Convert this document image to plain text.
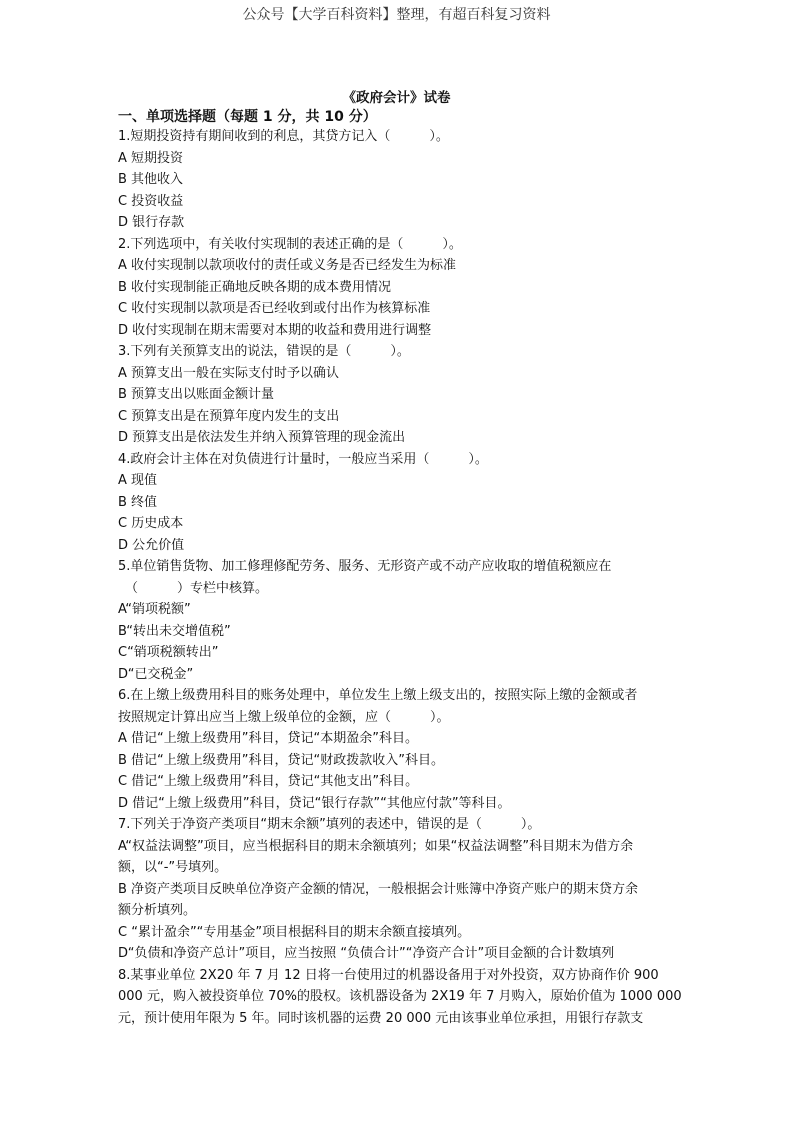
公众号【大学百科资料】整理，有超百科复习资料
《政府会计》试卷
一、单项选择题（每题 1 分，共 10 分）
1.短期投资持有期间收到的利息，其贷方记入（　　　）。
A 短期投资
B 其他收入
C 投资收益
D 银行存款
2.下列选项中，有关收付实现制的表述正确的是（　　　）。
A 收付实现制以款项收付的责任或义务是否已经发生为标准
B 收付实现制能正确地反映各期的成本费用情况
C 收付实现制以款项是否已经收到或付出作为核算标准
D 收付实现制在期末需要对本期的收益和费用进行调整
3.下列有关预算支出的说法，错误的是（　　　）。
A 预算支出一般在实际支付时予以确认
B 预算支出以账面金额计量
C 预算支出是在预算年度内发生的支出
D 预算支出是依法发生并纳入预算管理的现金流出
4.政府会计主体在对负债进行计量时，一般应当采用（　　　）。
A 现值
B 终值
C 历史成本
D 公允价值
5.单位销售货物、加工修理修配劳务、服务、无形资产或不动产应收取的增值税额应在
（　　　）专栏中核算。
A“销项税额”
B“转出未交增值税”
C“销项税额转出”
D“已交税金”
6.在上缴上级费用科目的账务处理中，单位发生上缴上级支出的，按照实际上缴的金额或者
按照规定计算出应当上缴上级单位的金额，应（　　　）。
A 借记“上缴上级费用”科目，贷记“本期盈余”科目。
B 借记“上缴上级费用”科目，贷记“财政拨款收入”科目。
C 借记“上缴上级费用”科目，贷记“其他支出”科目。
D 借记“上缴上级费用”科目，贷记“银行存款”“其他应付款”等科目。
7.下列关于净资产类项目“期末余额”填列的表述中，错误的是（　　　）。
A“权益法调整”项目，应当根据科目的期末余额填列；如果“权益法调整”科目期末为借方余
额，以“-”号填列。
B 净资产类项目反映单位净资产金额的情况，一般根据会计账簿中净资产账户的期末贷方余
额分析填列。
C “累计盈余”“专用基金”项目根据科目的期末余额直接填列。
D“负债和净资产总计”项目，应当按照 “负债合计”“净资产合计”项目金额的合计数填列
8.某事业单位 2X20 年 7 月 12 日将一台使用过的机器设备用于对外投资，双方协商作价 900
000 元，购入被投资单位 70%的股权。该机器设备为 2X19 年 7 月购入，原始价值为 1000 000
元，预计使用年限为 5 年。同时该机器的运费 20 000 元由该事业单位承担，用银行存款支
